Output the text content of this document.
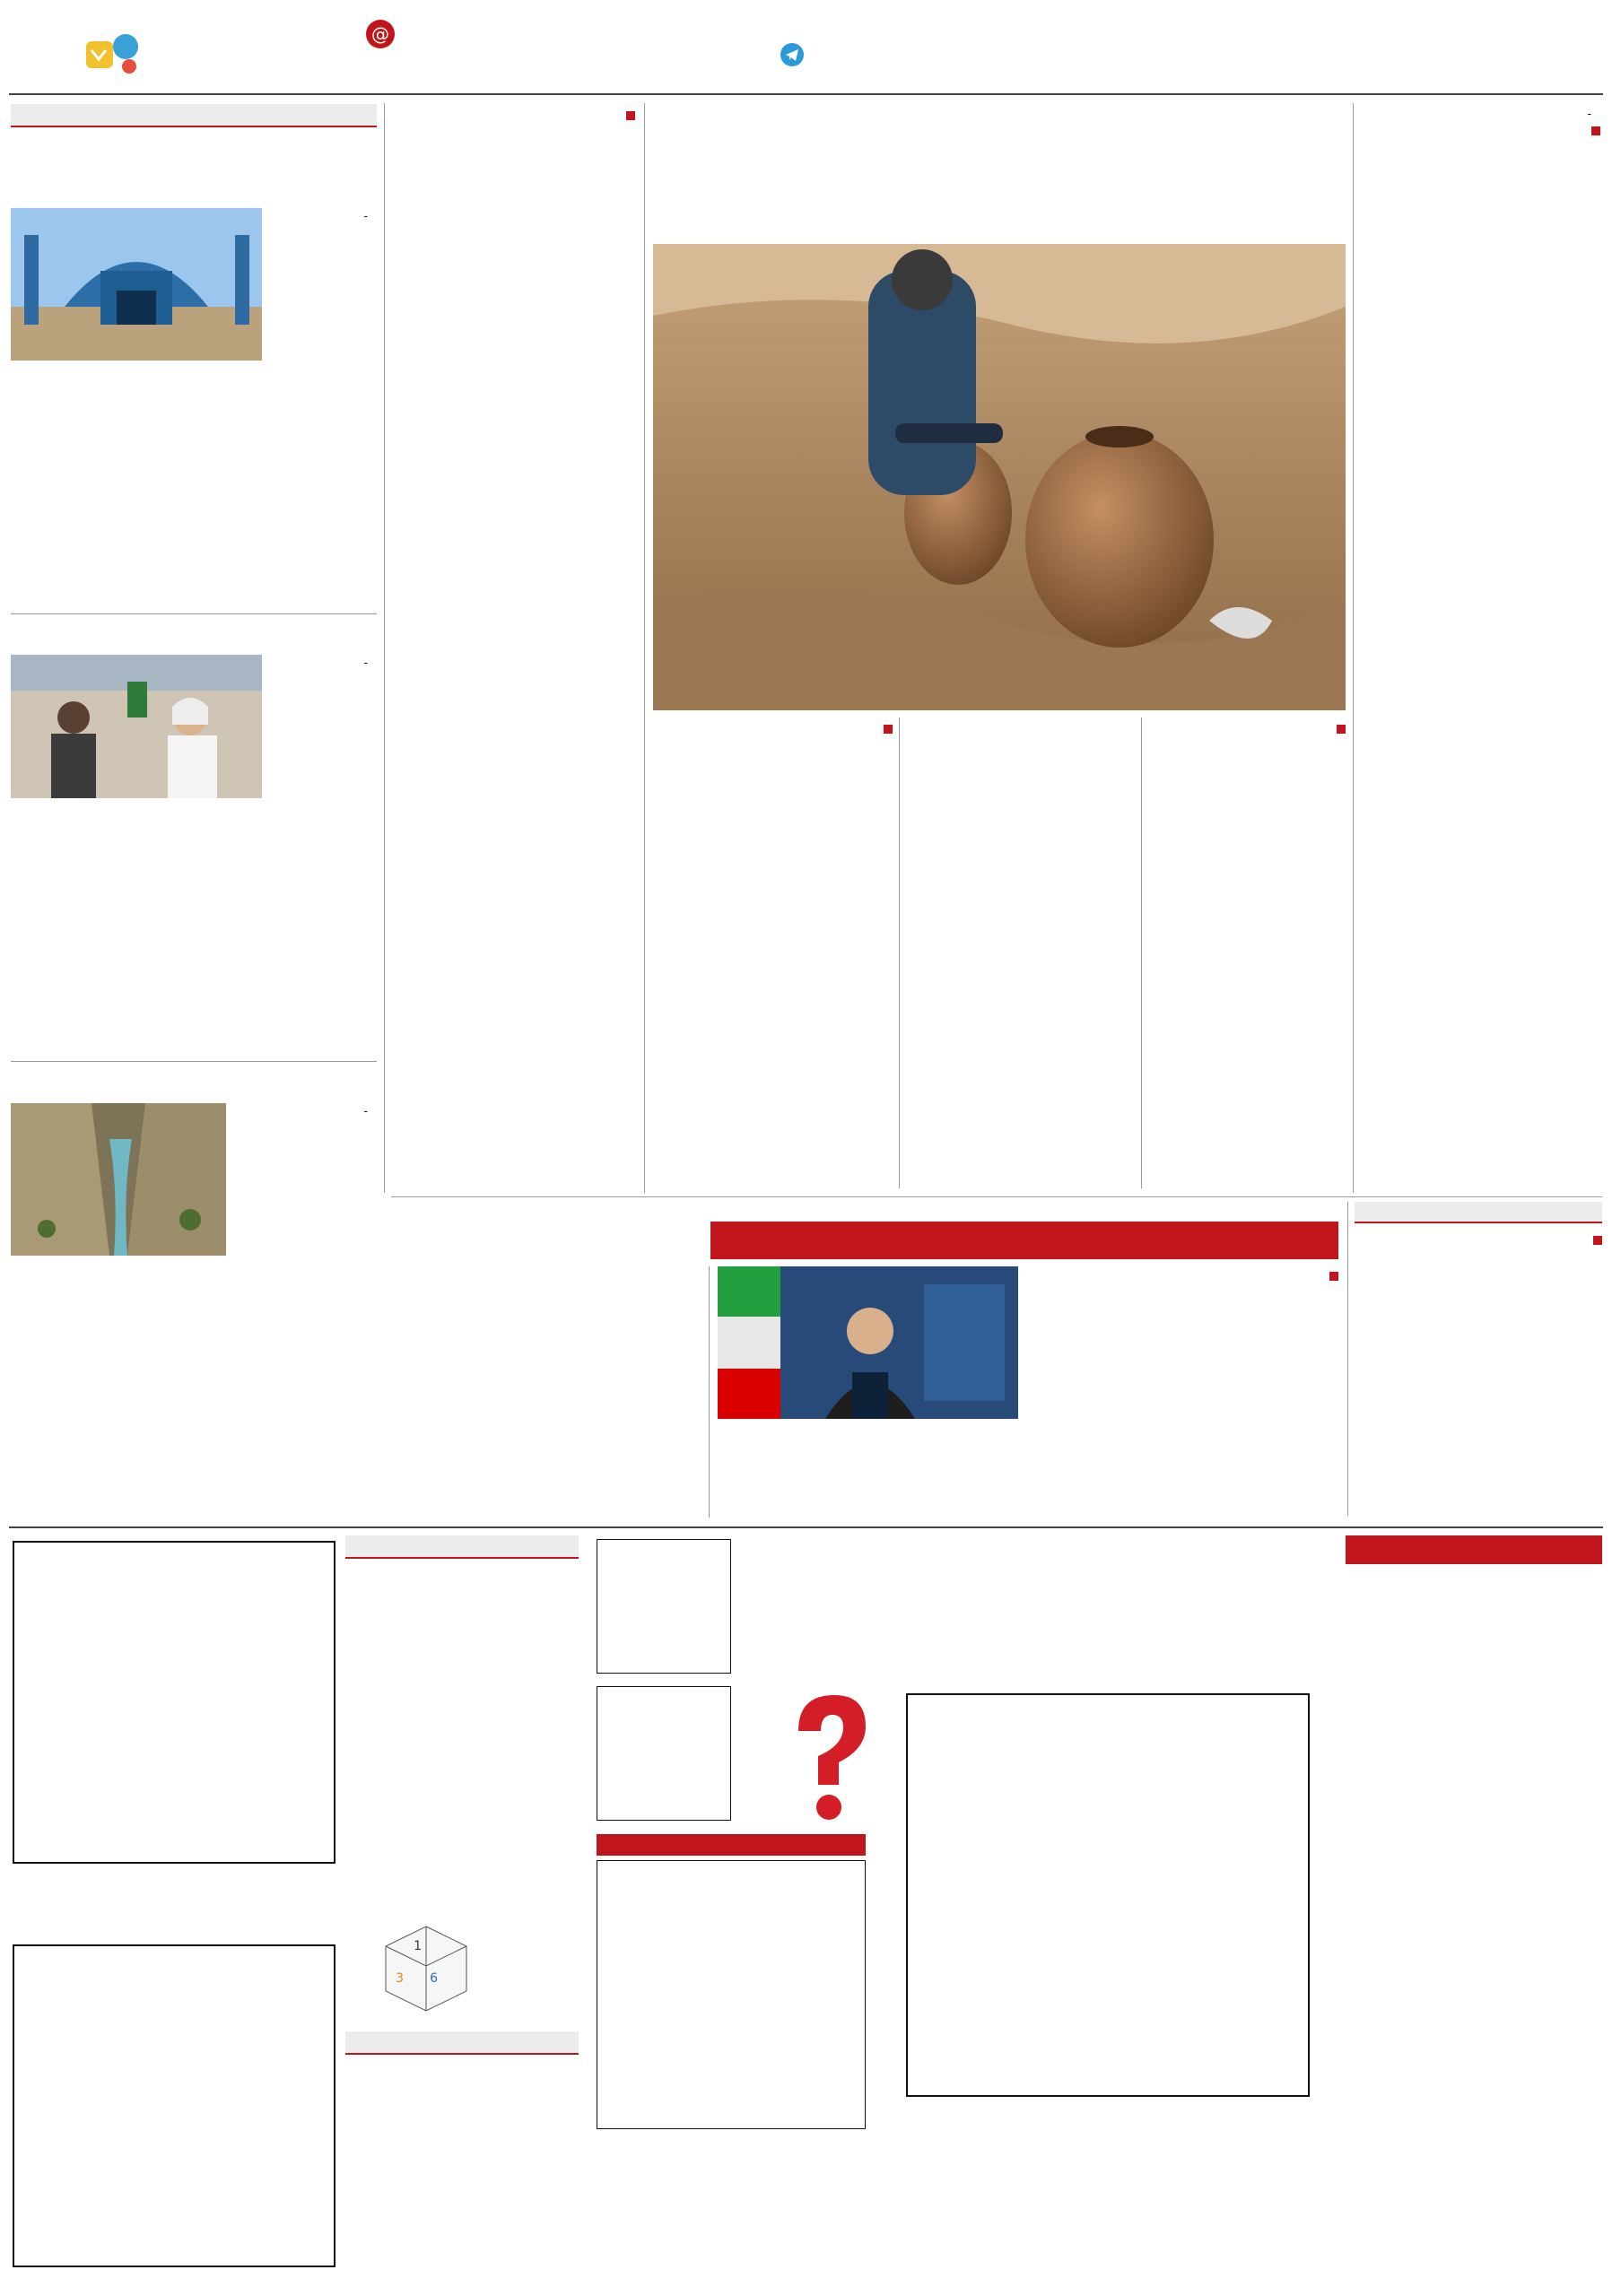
@

-

-

-

-

3 6
1
